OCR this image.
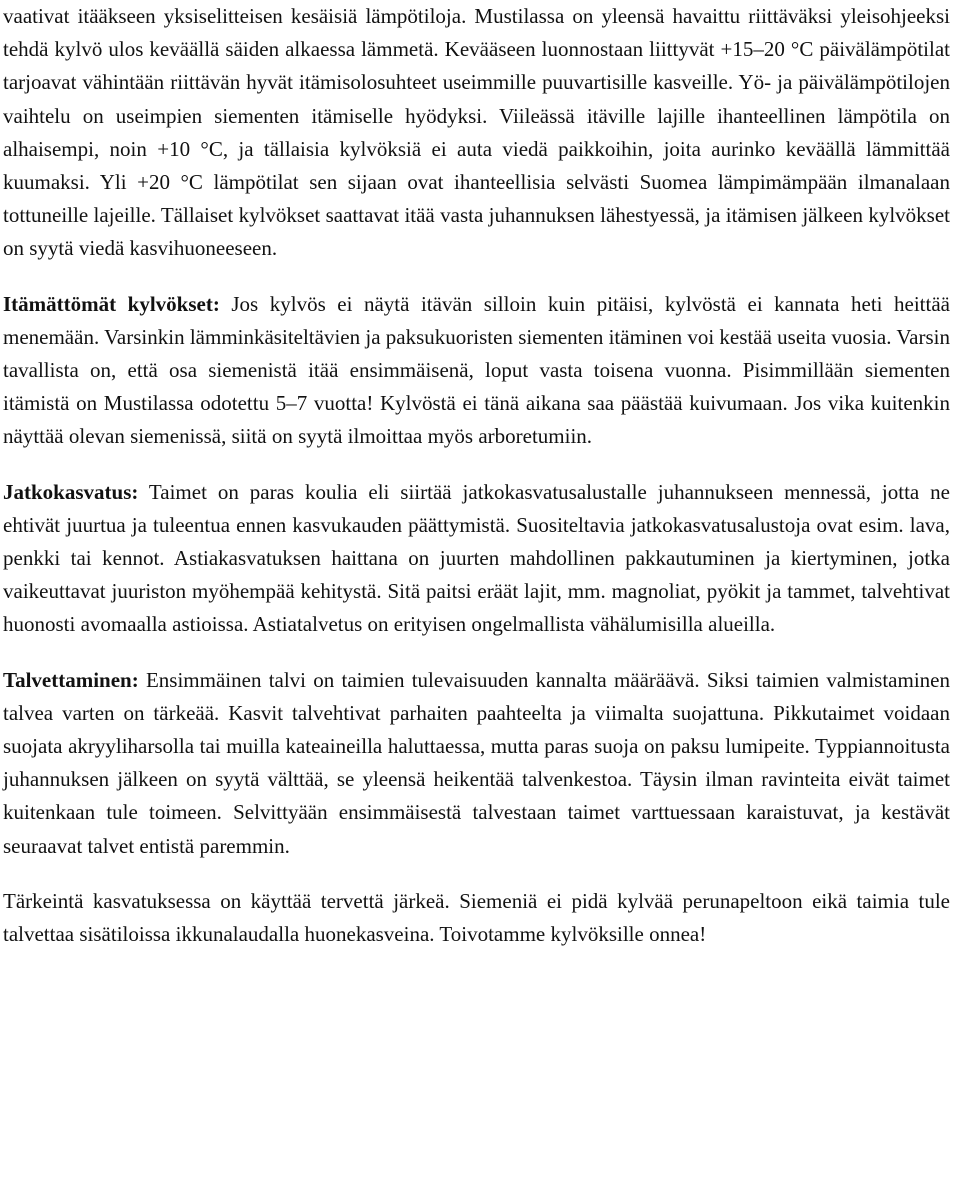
vaativat itääkseen yksiselitteisen kesäisiä lämpötiloja. Mustilassa on yleensä havaittu riittäväksi yleisohjeeksi tehdä kylvö ulos keväällä säiden alkaessa lämmetä. Kevääseen luonnostaan liittyvät +15–20 °C päivälämpötilat tarjoavat vähintään riittävän hyvät itämisolosuhteet useimmille puuvartisille kasveille. Yö- ja päivälämpötilojen vaihtelu on useimpien siementen itämiselle hyödyksi. Viileässä itäville lajille ihanteellinen lämpötila on alhaisempi, noin +10 °C, ja tällaisia kylvöksiä ei auta viedä paikkoihin, joita aurinko keväällä lämmittää kuumaksi. Yli +20 °C lämpötilat sen sijaan ovat ihanteellisia selvästi Suomea lämpimämpään ilmanalaan tottuneille lajeille. Tällaiset kylvökset saattavat itää vasta juhannuksen lähestyessä, ja itämisen jälkeen kylvökset on syytä viedä kasvihuoneeseen.

Itämättömät kylvökset: Jos kylvös ei näytä itävän silloin kuin pitäisi, kylvöstä ei kannata heti heittää menemään. Varsinkin lämminkäsiteltävien ja paksukuoristen siementen itäminen voi kestää useita vuosia. Varsin tavallista on, että osa siemenistä itää ensimmäisenä, loput vasta toisena vuonna. Pisimmillään siementen itämistä on Mustilassa odotettu 5–7 vuotta! Kylvöstä ei tänä aikana saa päästää kuivumaan. Jos vika kuitenkin näyttää olevan siemenissä, siitä on syytä ilmoittaa myös arboretumiin.

Jatkokasvatus: Taimet on paras koulia eli siirtää jatkokasvatusalustalle juhannukseen mennessä, jotta ne ehtivät juurtua ja tuleentua ennen kasvukauden päättymistä. Suositeltavia jatkokasvatusalustoja ovat esim. lava, penkki tai kennot. Astiakasvatuksen haittana on juurten mahdollinen pakkautuminen ja kiertyminen, jotka vaikeuttavat juuriston myöhempää kehitystä. Sitä paitsi eräät lajit, mm. magnoliat, pyökit ja tammet, talvehtivat huonosti avomaalla astioissa. Astiatalvetus on erityisen ongelmallista vähälumisilla alueilla.

Talvettaminen: Ensimmäinen talvi on taimien tulevaisuuden kannalta määräävä. Siksi taimien valmistaminen talvea varten on tärkeää. Kasvit talvehtivat parhaiten paahteelta ja viimalta suojattuna. Pikkutaimet voidaan suojata akryyliharsolla tai muilla kateaineilla haluttaessa, mutta paras suoja on paksu lumipeite. Typpiannoitusta juhannuksen jälkeen on syytä välttää, se yleensä heikentää talvenkestoa. Täysin ilman ravinteita eivät taimet kuitenkaan tule toimeen. Selvittyään ensimmäisestä talvestaan taimet varttuessaan karaistuvat, ja kestävät seuraavat talvet entistä paremmin.

Tärkeintä kasvatuksessa on käyttää tervettä järkeä. Siemeniä ei pidä kylvää perunapeltoon eikä taimia tule talvettaa sisätiloissa ikkunalaudalla huonekasveina. Toivotamme kylvöksille onnea!
